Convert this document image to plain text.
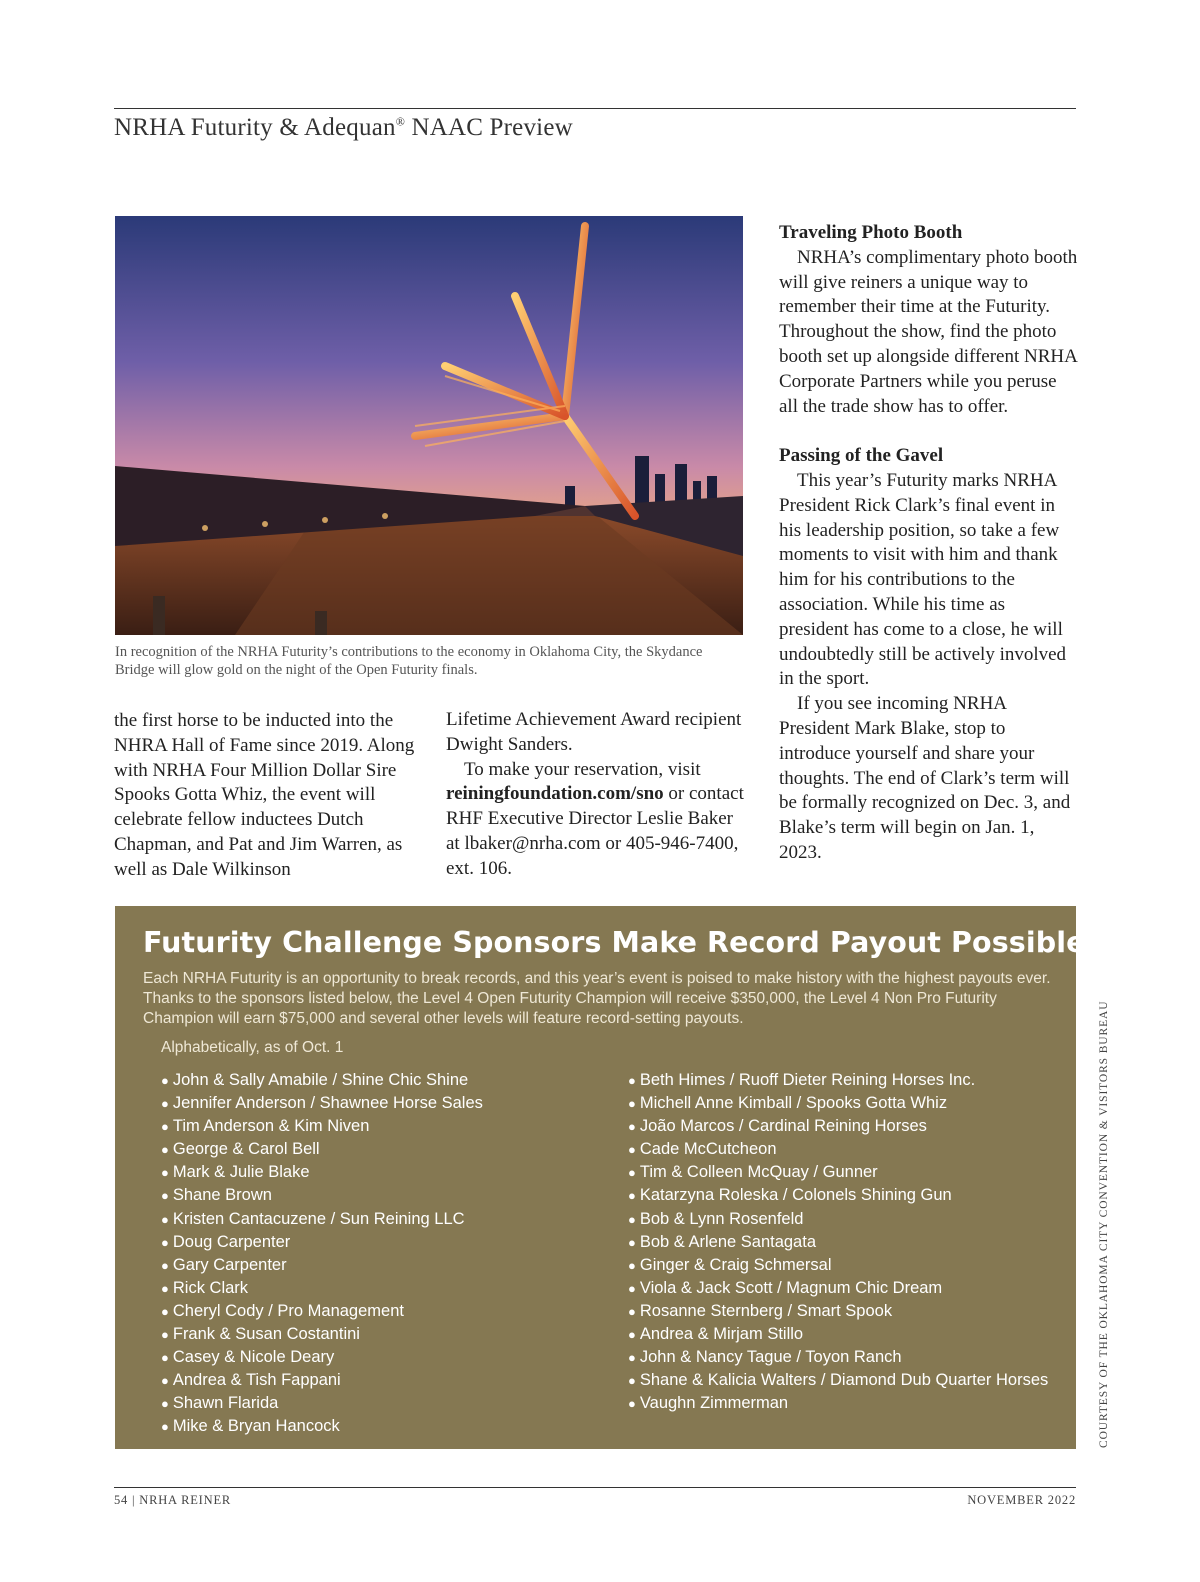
NRHA Futurity & Adequan® NAAC Preview
In recognition of the NRHA Futurity’s contributions to the economy in Oklahoma City, the Skydance Bridge will glow gold on the night of the Open Futurity finals.

the first horse to be inducted into the NHRA Hall of Fame since 2019. Along with NRHA Four Million Dollar Sire Spooks Gotta Whiz, the event will celebrate fellow inductees Dutch Chapman, and Pat and Jim Warren, as well as Dale Wilkinson

Lifetime Achievement Award recipient Dwight Sanders.

To make your reservation, visit reiningfoundation.com/sno or contact RHF Executive Director Leslie Baker at lbaker@nrha.com or 405-946-7400, ext. 106.

Traveling Photo Booth

NRHA’s complimentary photo booth will give reiners a unique way to remember their time at the Futurity. Throughout the show, find the photo booth set up alongside different NRHA Corporate Partners while you peruse all the trade show has to offer.

Passing of the Gavel

This year’s Futurity marks NRHA President Rick Clark’s final event in his leadership position, so take a few moments to visit with him and thank him for his contributions to the association. While his time as president has come to a close, he will undoubtedly still be actively involved in the sport.

If you see incoming NRHA President Mark Blake, stop to introduce yourself and share your thoughts. The end of Clark’s term will be formally recognized on Dec. 3, and Blake’s term will begin on Jan. 1, 2023.

Futurity Challenge Sponsors Make Record Payout Possible
Each NRHA Futurity is an opportunity to break records, and this year’s event is poised to make history with the highest payouts ever. Thanks to the sponsors listed below, the Level 4 Open Futurity Champion will receive $350,000, the Level 4 Non Pro Futurity Champion will earn $75,000 and several other levels will feature record-setting payouts.
Alphabetically, as of Oct. 1
● John & Sally Amabile / Shine Chic Shine
● Jennifer Anderson / Shawnee Horse Sales
● Tim Anderson & Kim Niven
● George & Carol Bell
● Mark & Julie Blake
● Shane Brown
● Kristen Cantacuzene / Sun Reining LLC
● Doug Carpenter
● Gary Carpenter
● Rick Clark
● Cheryl Cody / Pro Management
● Frank & Susan Costantini
● Casey & Nicole Deary
● Andrea & Tish Fappani
● Shawn Flarida
● Mike & Bryan Hancock
● Beth Himes / Ruoff Dieter Reining Horses Inc.
● Michell Anne Kimball / Spooks Gotta Whiz
● João Marcos / Cardinal Reining Horses
● Cade McCutcheon
● Tim & Colleen McQuay / Gunner
● Katarzyna Roleska / Colonels Shining Gun
● Bob & Lynn Rosenfeld
● Bob & Arlene Santagata
● Ginger & Craig Schmersal
● Viola & Jack Scott / Magnum Chic Dream
● Rosanne Sternberg / Smart Spook
● Andrea & Mirjam Stillo
● John & Nancy Tague / Toyon Ranch
● Shane & Kalicia Walters / Diamond Dub Quarter Horses
● Vaughn Zimmerman	COURTESY OF THE OKLAHOMA CITY CONVENTION & VISITORS BUREAU
54 | NRHA REINER	NOVEMBER 2022
